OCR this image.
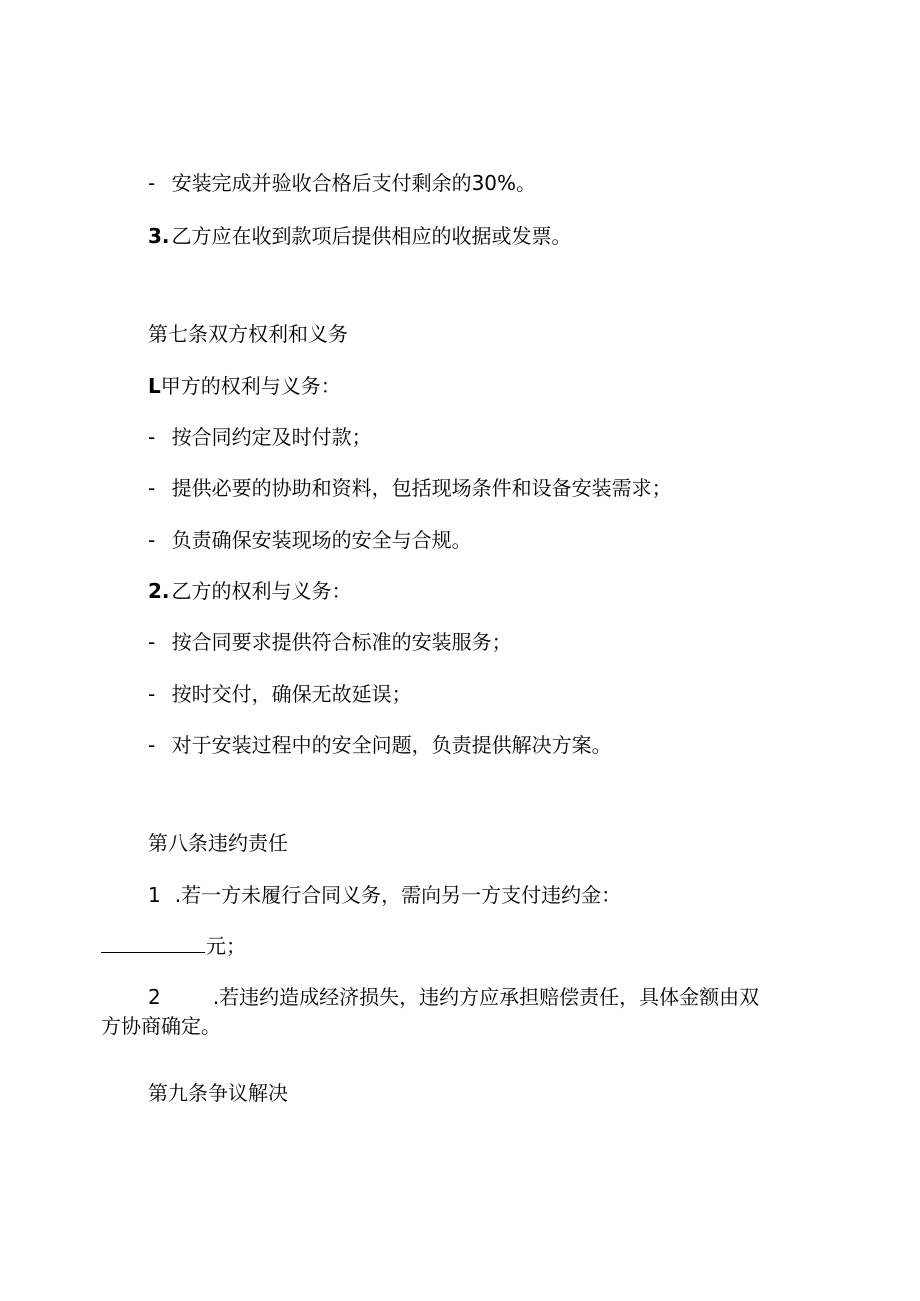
- 安装完成并验收合格后支付剩余的30%。
3. 乙方应在收到款项后提供相应的收据或发票。
第七条双方权利和义务
L甲方的权利与义务：
- 按合同约定及时付款；
- 提供必要的协助和资料，包括现场条件和设备安装需求；
- 负责确保安装现场的安全与合规。
2. 乙方的权利与义务：
- 按合同要求提供符合标准的安装服务；
- 按时交付，确保无故延误；
- 对于安装过程中的安全问题，负责提供解决方案。
第八条违约责任
1 .若一方未履行合同义务，需向另一方支付违约金：
元；
2	.若违约造成经济损失，违约方应承担赔偿责任，具体金额由双
方协商确定。
第九条争议解决
